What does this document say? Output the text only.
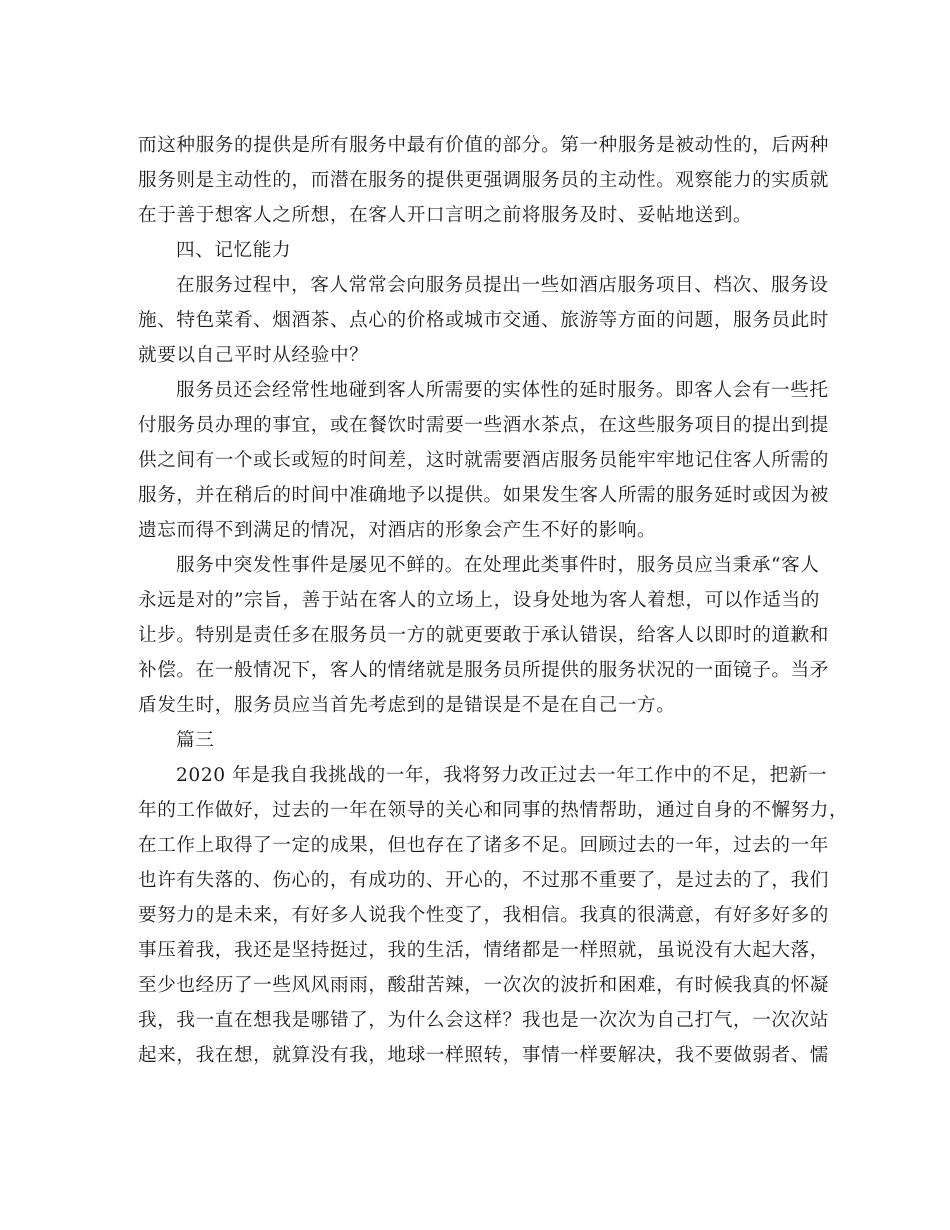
而这种服务的提供是所有服务中最有价值的部分。第一种服务是被动性的，后两种
服务则是主动性的，而潜在服务的提供更强调服务员的主动性。观察能力的实质就
在于善于想客人之所想，在客人开口言明之前将服务及时、妥帖地送到。
四、记忆能力
在服务过程中，客人常常会向服务员提出一些如酒店服务项目、档次、服务设
施、特色菜肴、烟酒茶、点心的价格或城市交通、旅游等方面的问题，服务员此时
就要以自己平时从经验中？
服务员还会经常性地碰到客人所需要的实体性的延时服务。即客人会有一些托
付服务员办理的事宜，或在餐饮时需要一些酒水茶点，在这些服务项目的提出到提
供之间有一个或长或短的时间差，这时就需要酒店服务员能牢牢地记住客人所需的
服务，并在稍后的时间中准确地予以提供。如果发生客人所需的服务延时或因为被
遗忘而得不到满足的情况，对酒店的形象会产生不好的影响。
服务中突发性事件是屡见不鲜的。在处理此类事件时，服务员应当秉承“客人
永远是对的”宗旨，善于站在客人的立场上，设身处地为客人着想，可以作适当的
让步。特别是责任多在服务员一方的就更要敢于承认错误，给客人以即时的道歉和
补偿。在一般情况下，客人的情绪就是服务员所提供的服务状况的一面镜子。当矛
盾发生时，服务员应当首先考虑到的是错误是不是在自己一方。
篇三
2020 年是我自我挑战的一年，我将努力改正过去一年工作中的不足，把新一
年的工作做好，过去的一年在领导的关心和同事的热情帮助，通过自身的不懈努力，
在工作上取得了一定的成果，但也存在了诸多不足。回顾过去的一年，过去的一年
也许有失落的、伤心的，有成功的、开心的，不过那不重要了，是过去的了，我们
要努力的是未来，有好多人说我个性变了，我相信。我真的很满意，有好多好多的
事压着我，我还是坚持挺过，我的生活，情绪都是一样照就，虽说没有大起大落，
至少也经历了一些风风雨雨，酸甜苦辣，一次次的波折和困难，有时候我真的怀凝
我，我一直在想我是哪错了，为什么会这样？我也是一次次为自己打气，一次次站
起来，我在想，就算没有我，地球一样照转，事情一样要解决，我不要做弱者、懦
